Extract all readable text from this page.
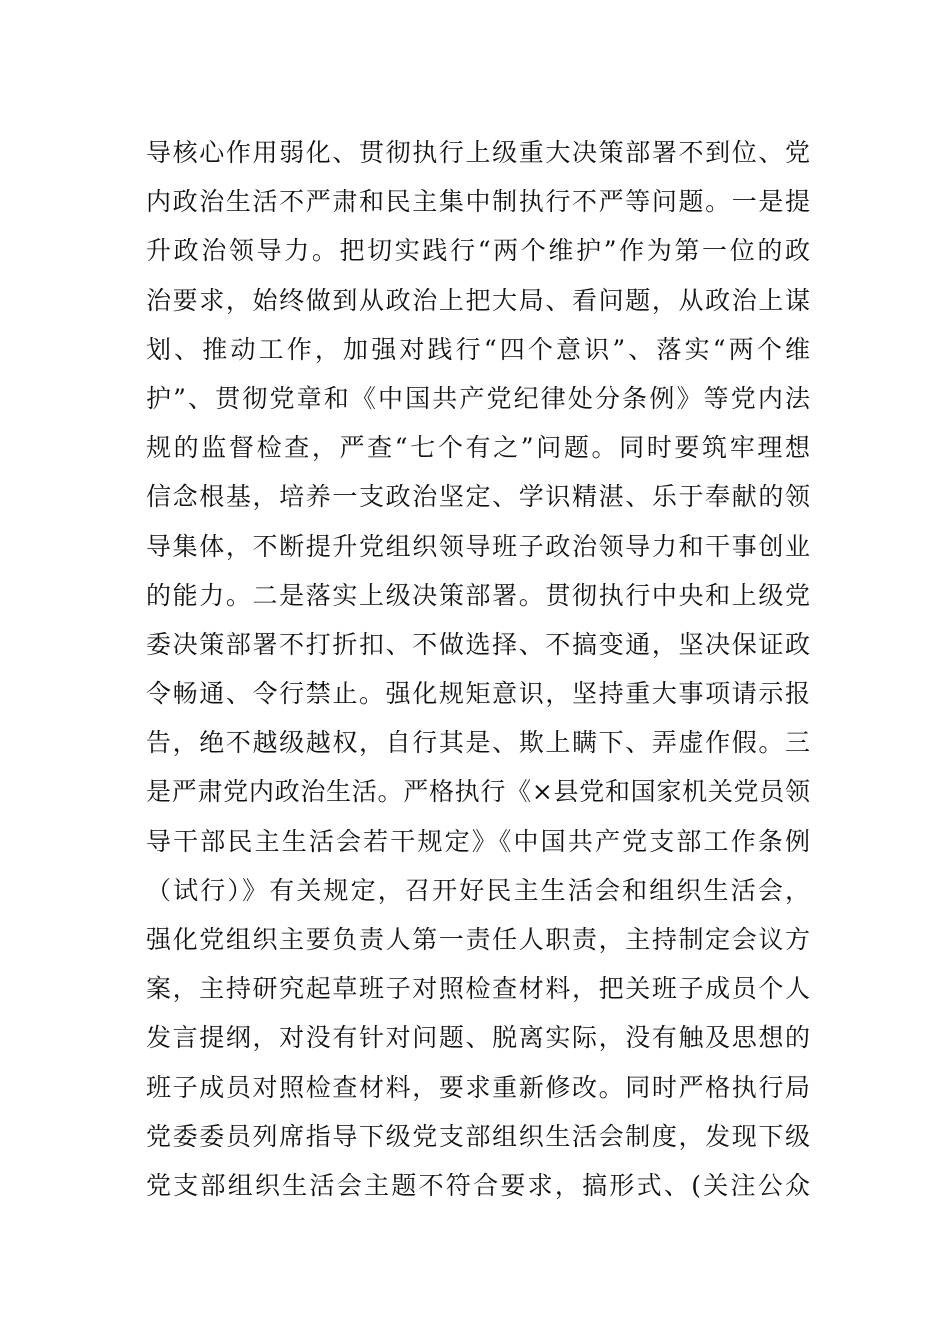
导核心作用弱化、贯彻执行上级重大决策部署不到位、党
内政治生活不严肃和民主集中制执行不严等问题。一是提
升政治领导力。把切实践行“两个维护”作为第一位的政
治要求，始终做到从政治上把大局、看问题，从政治上谋
划、推动工作，加强对践行“四个意识”、落实“两个维
护”、贯彻党章和《中国共产党纪律处分条例》等党内法
规的监督检查，严查“七个有之”问题。同时要筑牢理想
信念根基，培养一支政治坚定、学识精湛、乐于奉献的领
导集体，不断提升党组织领导班子政治领导力和干事创业
的能力。二是落实上级决策部署。贯彻执行中央和上级党
委决策部署不打折扣、不做选择、不搞变通，坚决保证政
令畅通、令行禁止。强化规矩意识，坚持重大事项请示报
告，绝不越级越权，自行其是、欺上瞒下、弄虚作假。三
是严肃党内政治生活。严格执行《×县党和国家机关党员领
导干部民主生活会若干规定》《中国共产党支部工作条例
（试行）》有关规定，召开好民主生活会和组织生活会，
强化党组织主要负责人第一责任人职责，主持制定会议方
案，主持研究起草班子对照检查材料，把关班子成员个人
发言提纲，对没有针对问题、脱离实际，没有触及思想的
班子成员对照检查材料，要求重新修改。同时严格执行局
党委委员列席指导下级党支部组织生活会制度，发现下级
党支部组织生活会主题不符合要求，搞形式、(关注公众
